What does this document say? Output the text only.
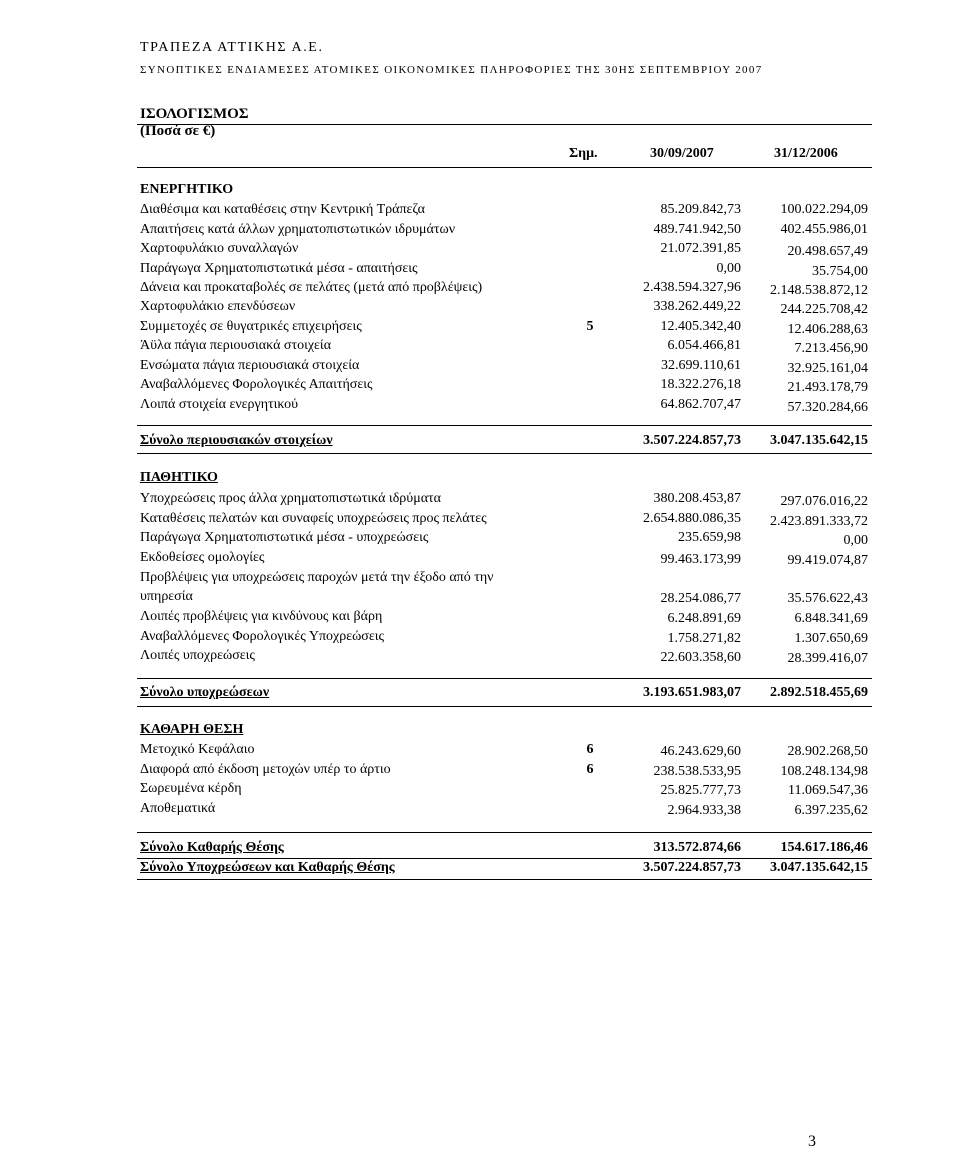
ΤΡΑΠΕΖΑ ΑΤΤΙΚΗΣ Α.Ε.
ΣΥΝΟΠΤΙΚΕΣ ΕΝΔΙΑΜΕΣΕΣ ΑΤΟΜΙΚΕΣ ΟΙΚΟΝΟΜΙΚΕΣ ΠΛΗΡΟΦΟΡΙΕΣ ΤΗΣ 30ΗΣ ΣΕΠΤΕΜΒΡΙΟΥ 2007
ΙΣΟΛΟΓΙΣΜΟΣ
(Ποσά σε €)
Σημ.	30/09/2007	31/12/2006
ΕΝΕΡΓΗΤΙΚΟ
Διαθέσιμα και καταθέσεις στην Κεντρική Τράπεζα	85.209.842,73	100.022.294,09
Απαιτήσεις κατά άλλων χρηματοπιστωτικών ιδρυμάτων	489.741.942,50	402.455.986,01
Χαρτοφυλάκιο συναλλαγών	21.072.391,85	20.498.657,49
Παράγωγα Χρηματοπιστωτικά μέσα - απαιτήσεις	0,00	35.754,00
Δάνεια και προκαταβολές σε πελάτες (μετά από προβλέψεις)	2.438.594.327,96 2.148.538.872,12
Χαρτοφυλάκιο επενδύσεων	338.262.449,22	244.225.708,42
Συμμετοχές σε θυγατρικές επιχειρήσεις	5	12.405.342,40	12.406.288,63
Άϋλα πάγια περιουσιακά στοιχεία	6.054.466,81	7.213.456,90
Ενσώματα πάγια περιουσιακά στοιχεία	32.699.110,61	32.925.161,04
Αναβαλλόμενες Φορολογικές Απαιτήσεις	18.322.276,18	21.493.178,79
Λοιπά στοιχεία ενεργητικού	64.862.707,47	57.320.284,66
Σύνολο περιουσιακών στοιχείων	3.507.224.857,73 3.047.135.642,15
ΠΑΘΗΤΙΚΟ
Υποχρεώσεις προς άλλα χρηματοπιστωτικά ιδρύματα	380.208.453,87	297.076.016,22
Καταθέσεις πελατών και συναφείς υποχρεώσεις προς πελάτες	2.654.880.086,35 2.423.891.333,72
Παράγωγα Χρηματοπιστωτικά μέσα - υποχρεώσεις	235.659,98	0,00
Εκδοθείσες ομολογίες	99.463.173,99	99.419.074,87
Προβλέψεις για υποχρεώσεις παροχών μετά την έξοδο από την
υπηρεσία	28.254.086,77	35.576.622,43
Λοιπές προβλέψεις για κινδύνους και βάρη	6.248.891,69	6.848.341,69
Αναβαλλόμενες Φορολογικές Υποχρεώσεις	1.758.271,82	1.307.650,69
Λοιπές υποχρεώσεις	22.603.358,60	28.399.416,07
Σύνολο υποχρεώσεων	3.193.651.983,07 2.892.518.455,69
ΚΑΘΑΡΗ ΘΕΣΗ
Μετοχικό Κεφάλαιο	6	46.243.629,60	28.902.268,50
Διαφορά από έκδοση μετοχών υπέρ το άρτιο	6	238.538.533,95	108.248.134,98
Σωρευμένα κέρδη	25.825.777,73	11.069.547,36
Αποθεματικά	2.964.933,38	6.397.235,62
Σύνολο Καθαρής Θέσης	313.572.874,66	154.617.186,46
Σύνολο Υποχρεώσεων και Καθαρής Θέσης	3.507.224.857,73 3.047.135.642,15
3
